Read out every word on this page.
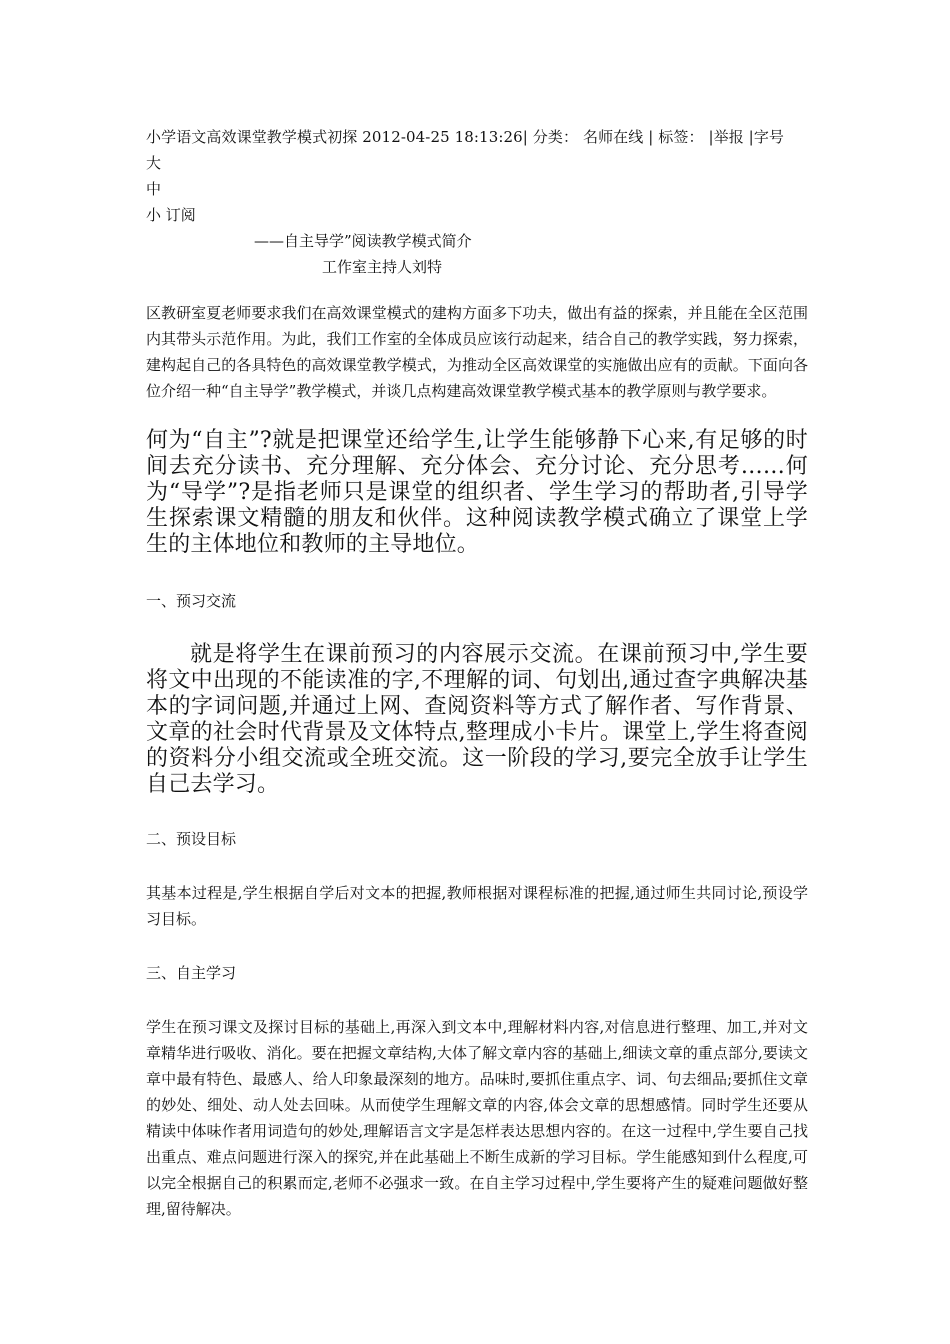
小学语文高效课堂教学模式初探 2012-04-25 18:13:26| 分类： 名师在线 | 标签： |举报 |字号
大
中
小 订阅
——自主导学”阅读教学模式简介
工作室主持人刘特

区教研室夏老师要求我们在高效课堂模式的建构方面多下功夫，做出有益的探索，并且能在全区范围内其带头示范作用。为此，我们工作室的全体成员应该行动起来，结合自己的教学实践，努力探索，建构起自己的各具特色的高效课堂教学模式，为推动全区高效课堂的实施做出应有的贡献。下面向各位介绍一种“自主导学”教学模式，并谈几点构建高效课堂教学模式基本的教学原则与教学要求。

何为“自主”?就是把课堂还给学生,让学生能够静下心来,有足够的时间去充分读书、充分理解、充分体会、充分讨论、充分思考……何为“导学”?是指老师只是课堂的组织者、学生学习的帮助者,引导学生探索课文精髓的朋友和伙伴。这种阅读教学模式确立了课堂上学生的主体地位和教师的主导地位。

一、预习交流

就是将学生在课前预习的内容展示交流。在课前预习中,学生要将文中出现的不能读准的字,不理解的词、句划出,通过查字典解决基本的字词问题,并通过上网、查阅资料等方式了解作者、写作背景、文章的社会时代背景及文体特点,整理成小卡片。课堂上,学生将查阅的资料分小组交流或全班交流。这一阶段的学习,要完全放手让学生自己去学习。

二、预设目标

其基本过程是,学生根据自学后对文本的把握,教师根据对课程标准的把握,通过师生共同讨论,预设学习目标。

三、自主学习

学生在预习课文及探讨目标的基础上,再深入到文本中,理解材料内容,对信息进行整理、加工,并对文章精华进行吸收、消化。要在把握文章结构,大体了解文章内容的基础上,细读文章的重点部分,要读文章中最有特色、最感人、给人印象最深刻的地方。品味时,要抓住重点字、词、句去细品;要抓住文章的妙处、细处、动人处去回味。从而使学生理解文章的内容,体会文章的思想感情。同时学生还要从精读中体味作者用词造句的妙处,理解语言文字是怎样表达思想内容的。在这一过程中,学生要自己找出重点、难点问题进行深入的探究,并在此基础上不断生成新的学习目标。学生能感知到什么程度,可以完全根据自己的积累而定,老师不必强求一致。在自主学习过程中,学生要将产生的疑难问题做好整理,留待解决。
